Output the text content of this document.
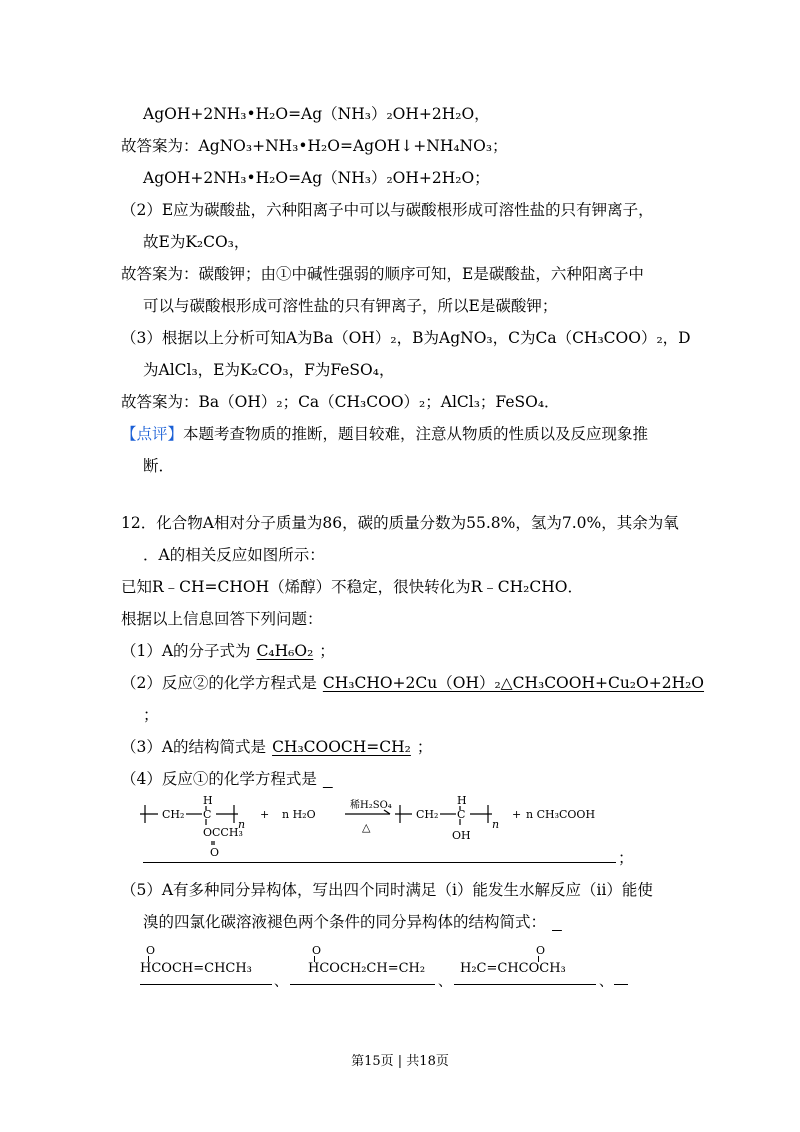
AgOH+2NH₃•H₂O=Ag（NH₃）₂OH+2H₂O，
故答案为：AgNO₃+NH₃•H₂O=AgOH↓+NH₄NO₃；
AgOH+2NH₃•H₂O=Ag（NH₃）₂OH+2H₂O；
（2）E应为碳酸盐，六种阳离子中可以与碳酸根形成可溶性盐的只有钾离子，
故E为K₂CO₃，
故答案为：碳酸钾；由①中碱性强弱的顺序可知，E是碳酸盐，六种阳离子中
可以与碳酸根形成可溶性盐的只有钾离子，所以E是碳酸钾；
（3）根据以上分析可知A为Ba（OH）₂，B为AgNO₃，C为Ca（CH₃COO）₂，D
为AlCl₃，E为K₂CO₃，F为FeSO₄，
故答案为：Ba（OH）₂；Ca（CH₃COO）₂；AlCl₃；FeSO₄．
【点评】本题考查物质的推断，题目较难，注意从物质的性质以及反应现象推
断．
12．化合物A相对分子质量为86，碳的质量分数为55.8%，氢为7.0%，其余为氧
．A的相关反应如图所示：
已知R﹣CH=CHOH（烯醇）不稳定，很快转化为R﹣CH₂CHO．
根据以上信息回答下列问题：
（1）A的分子式为 C₄H₆O₂ ；
（2）反应②的化学方程式是 CH₃CHO+2Cu（OH）₂△CH₃COOH+Cu₂O+2H₂O
；
（3）A的结构简式是 CH₃COOCH=CH₂ ；
（4）反应①的化学方程式是
CH₂
H
C
OCCH₃
O
n
+ n H₂O
稀H₂SO₄
△
CH₂
H
C
OH
n
+ n CH₃COOH
；
（5）A有多种同分异构体，写出四个同时满足（i）能发生水解反应（ii）能使
溴的四氯化碳溶液褪色两个条件的同分异构体的结构简式：
O
HCOCH=CHCH₃
、
O
HCOCH₂CH=CH₂
、
O
H₂C=CHCOCH₃
、
第15页 | 共18页
